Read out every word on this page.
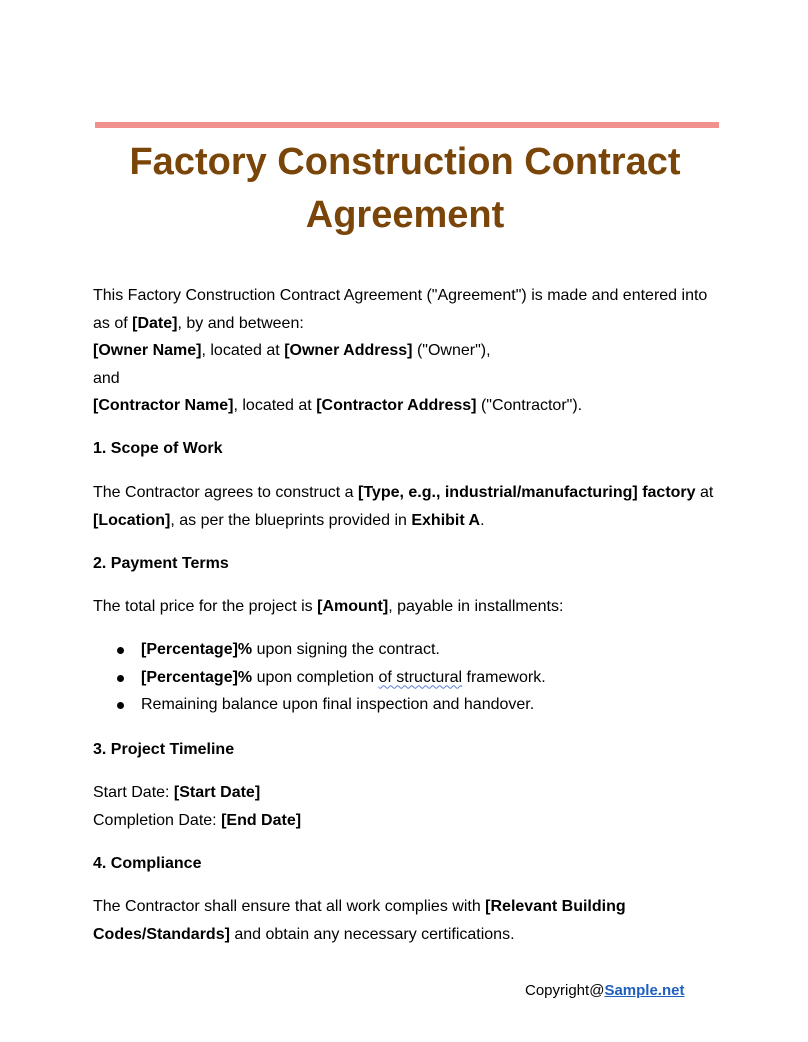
Factory Construction Contract Agreement
This Factory Construction Contract Agreement ("Agreement") is made and entered into
as of [Date], by and between:
[Owner Name], located at [Owner Address] ("Owner"),
and
[Contractor Name], located at [Contractor Address] ("Contractor").
1. Scope of Work
The Contractor agrees to construct a [Type, e.g., industrial/manufacturing] factory at
[Location], as per the blueprints provided in Exhibit A.
2. Payment Terms
The total price for the project is [Amount], payable in installments:
[Percentage]% upon signing the contract.
[Percentage]% upon completion of structural framework.
Remaining balance upon final inspection and handover.
3. Project Timeline
Start Date: [Start Date]
Completion Date: [End Date]
4. Compliance
The Contractor shall ensure that all work complies with [Relevant Building
Codes/Standards] and obtain any necessary certifications.
Copyright@Sample.net
